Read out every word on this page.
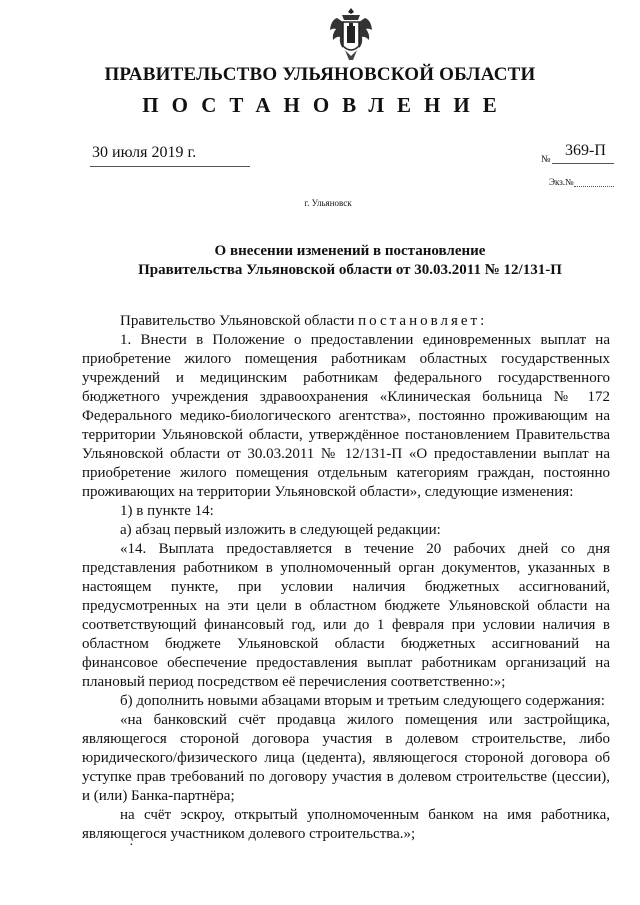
ПРАВИТЕЛЬСТВО УЛЬЯНОВСКОЙ ОБЛАСТИ
ПОСТАНОВЛЕНИЕ
30 июля 2019 г.	№
369-П
Экз.№
г. Ульяновск
О внесении изменений в постановление
Правительства Ульяновской области от 30.03.2011 № 12/131-П

Правительство Ульяновской области постановляет:

1. Внести в Положение о предоставлении единовременных выплат на приобретение жилого помещения работникам областных государственных учреждений и медицинским работникам федерального государственного бюджетного учреждения здравоохранения «Клиническая больница № 172 Федерального медико-биологического агентства», постоянно проживающим на территории Ульяновской области, утверждённое постановлением Правительства Ульяновской области от 30.03.2011 № 12/131-П «О предоставлении выплат на приобретение жилого помещения отдельным категориям граждан, постоянно проживающих на территории Ульяновской области», следующие изменения:

1) в пункте 14:

а) абзац первый изложить в следующей редакции:

«14. Выплата предоставляется в течение 20 рабочих дней со дня представления работником в уполномоченный орган документов, указанных в настоящем пункте, при условии наличия бюджетных ассигнований, предусмотренных на эти цели в областном бюджете Ульяновской области на соответствующий финансовый год, или до 1 февраля при условии наличия в областном бюджете Ульяновской области бюджетных ассигнований на финансовое обеспечение предоставления выплат работникам организаций на плановый период посредством её перечисления соответственно:»;

б) дополнить новыми абзацами вторым и третьим следующего содержания:

«на банковский счёт продавца жилого помещения или застройщика, являющегося стороной договора участия в долевом строительстве, либо юридического/физического лица (цедента), являющегося стороной договора об уступке прав требований по договору участия в долевом строительстве (цессии), и (или) Банка-партнёра;

на счёт эскроу, открытый уполномоченным банком на имя работника, являющегося участником долевого строительства.»;

·
